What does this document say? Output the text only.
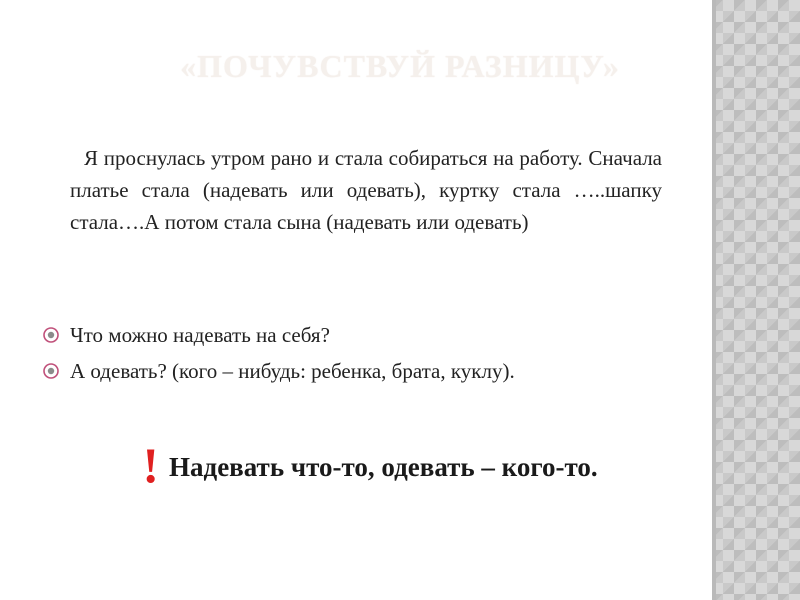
«ПОЧУВСТВУЙ РАЗНИЦУ»
Я проснулась утром рано и стала собираться на работу. Сначала платье стала (надевать или одевать), куртку стала …..шапку стала….А потом стала сына (надевать или одевать)
Что можно надевать на себя?
А одевать? (кого – нибудь: ребенка, брата, куклу).
! Надевать что-то, одевать – кого-то.
